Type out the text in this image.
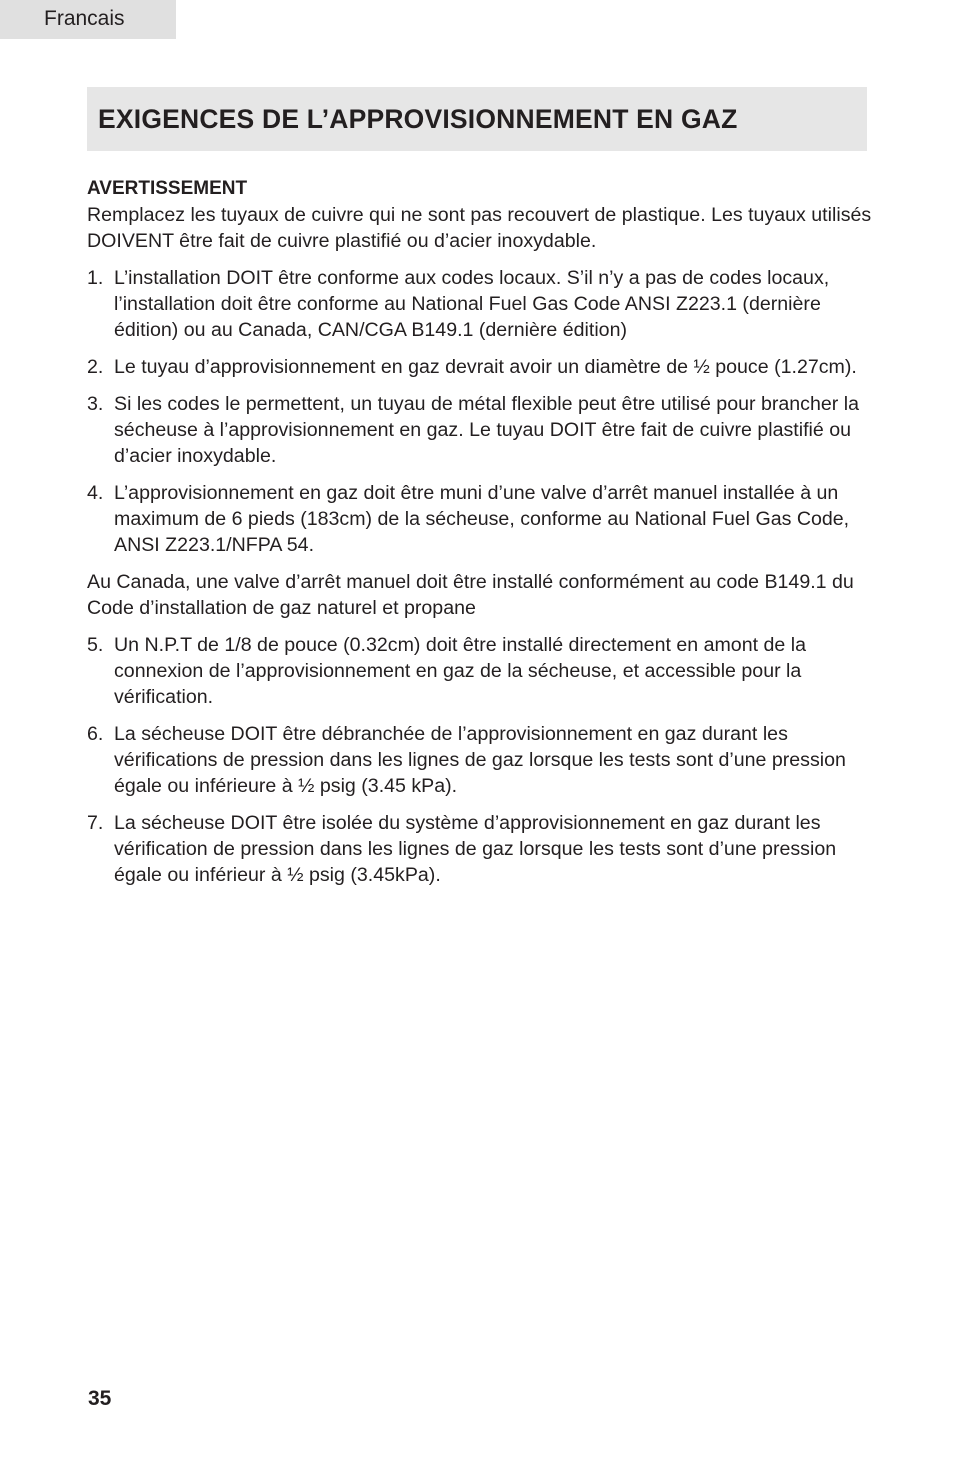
Francais
EXIGENCES DE L’APPROVISIONNEMENT EN GAZ

AVERTISSEMENT

Remplacez les tuyaux de cuivre qui ne sont pas recouvert de plastique. Les tuyaux utilisés DOIVENT être fait de cuivre plastifié ou d’acier inoxydable.

1. L’installation DOIT être conforme aux codes locaux. S’il n’y a pas de codes locaux, l’installation doit être conforme au National Fuel Gas Code ANSI Z223.1 (dernière édition) ou au Canada, CAN/CGA B149.1 (dernière édition)
2. Le tuyau d’approvisionnement en gaz devrait avoir un diamètre de ½ pouce (1.27cm).
3. Si les codes le permettent, un tuyau de métal flexible peut être utilisé pour brancher la sécheuse à l’approvisionnement en gaz. Le tuyau DOIT être fait de cuivre plastifié ou d’acier inoxydable.
4. L’approvisionnement en gaz doit être muni d’une valve d’arrêt manuel installée à un maximum de 6 pieds (183cm) de la sécheuse, conforme au National Fuel Gas Code, ANSI Z223.1/NFPA 54.

Au Canada, une valve d’arrêt manuel doit être installé conformément au code B149.1 du Code d’installation de gaz naturel et propane

5. Un N.P.T de 1/8 de pouce (0.32cm) doit être installé directement en amont de la connexion de l’approvisionnement en gaz de la sécheuse, et accessible pour la vérification.
6. La sécheuse DOIT être débranchée de l’approvisionnement en gaz durant les vérifications de pression dans les lignes de gaz lorsque les tests sont d’une pression égale ou inférieure à ½ psig (3.45 kPa).
7. La sécheuse DOIT être isolée du système d’approvisionnement en gaz durant les vérification de pression dans les lignes de gaz lorsque les tests sont d’une pression égale ou inférieur à ½ psig (3.45kPa).
35
